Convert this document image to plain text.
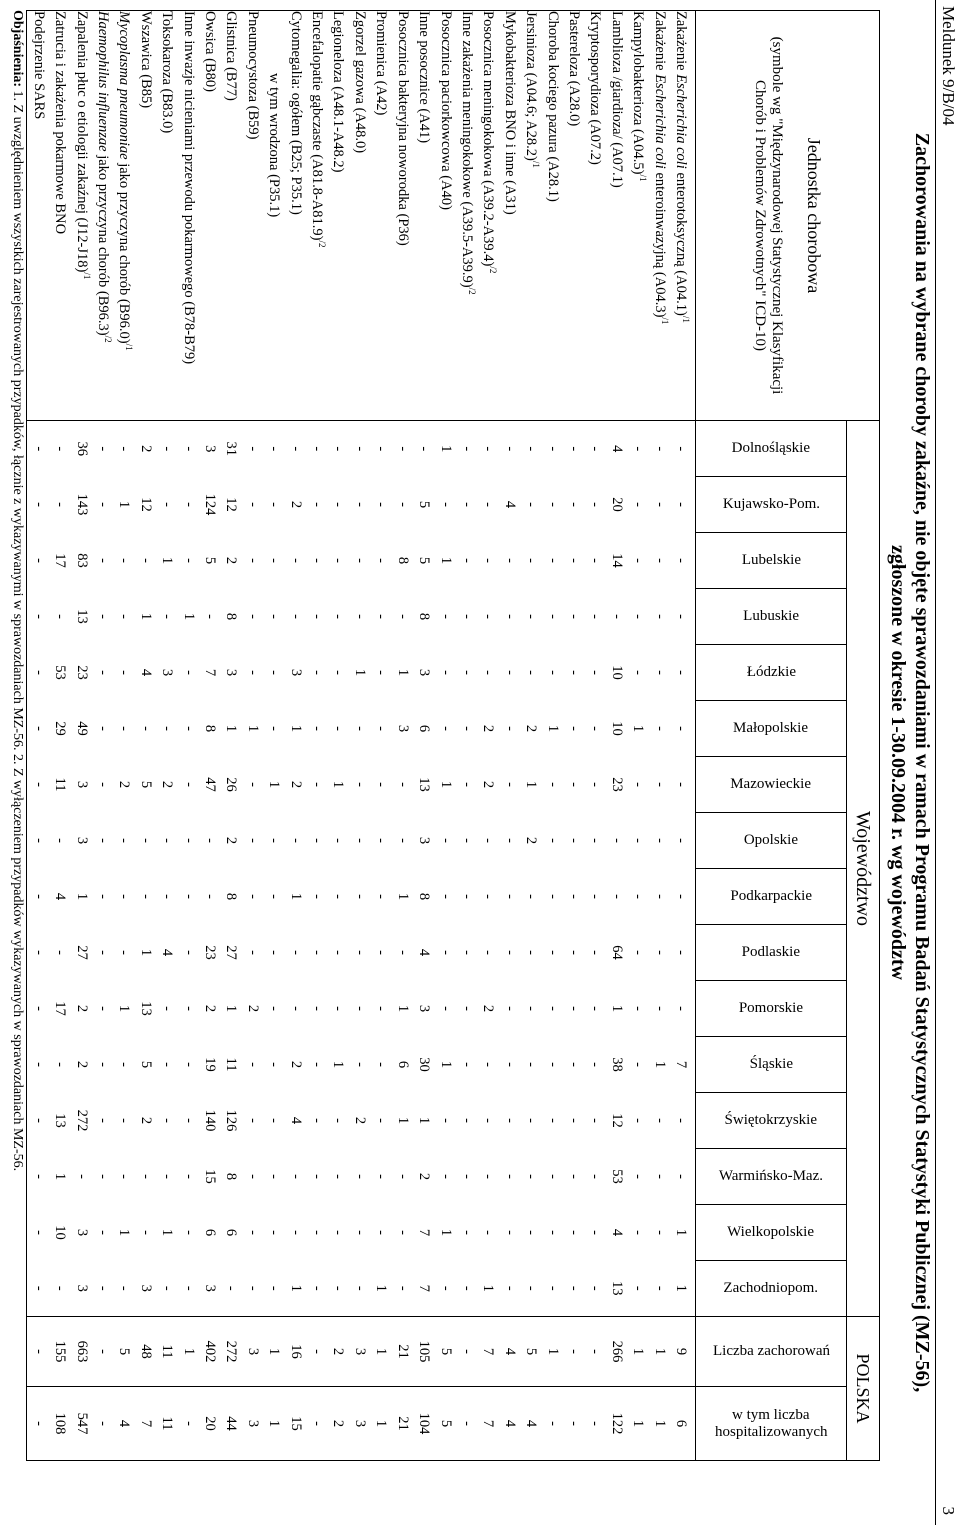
Meldunek 9/B/04
3
Zachorowania na wybrane choroby zakaźne, nie objęte sprawozdaniami w ramach Programu Badań Statystycznych Statystyki Publicznej (MZ-56),
zgłoszone w okresie 1-30.09.2004 r. wg województw
Jednostka chorobowa
(symbole wg "Międzynarodowej Statystycznej Klasyfikacji Chorób i Problemów Zdrowotnych" ICD-10)	Województwo																POLSKA	

	Dolnośląskie	Kujawsko-Pom.	Lubelskie	Lubuskie	Łódzkie	Małopolskie	Mazowieckie	Opolskie	Podkarpackie	Podlaskie	Pomorskie	Śląskie	Świętokrzyskie	Warmińsko-Maz.	Wielkopolskie	Zachodniopom.	Liczba zachorowań	w tym liczba hospitalizowanych

Zakażenie Escherichia coli enterotoksyczną $(A04.1)^{/1}$	-	-	-	-	-	-	-	-	-	-	-	7	-	-	1	1	9	6
Zakażenie Escherichia coli enteroinwazyjną $(A04.3)^{/1}$	-	-	-	-	-	-	-	-	-	-	-	1	-	-	-	-	1	1
Kampylobakterioza $(A04.5)^{/1}$	-	-	-	-	-	1	-	-	-	-	-	-	-	-	-	-	1	1
Lamblioza /giardioza/ (A07.1)	4	20	14	-	10	10	23	-	-	64	1	38	12	53	4	13	266	122
Kryptosporydioza (A07.2)	-	-	-	-	-	-	-	-	-	-	-	-	-	-	-	-	-	-
Pastereloza (A28.0)	-	-	-	-	-	-	-	-	-	-	-	-	-	-	-	-	-	-
Choroba kociego pazura (A28.1)	-	-	-	-	-	1	-	-	-	-	-	-	-	-	-	-	1	-
Jersinioza (A04.6; A28.2)$^{/1}$	-	-	-	-	-	2	1	2	-	-	-	-	-	-	-	-	5	4
Mykobakterioza BNO i inne (A31)	-	4	-	-	-	-	-	-	-	-	-	-	-	-	-	-	4	4
Posocznica meningokokowa $(A39.2-A39.4)^{/2}$	-	-	-	-	-	2	2	-	-	-	2	-	-	-	-	1	7	7
Inne zakażenia meningokokowe $(A39.5-A39.9)^{/2}$	-	-	-	-	-	-	-	-	-	-	-	-	-	-	-	-	-	-
Posocznica paciorkowcowa (A40)	1	-	1	-	-	-	1	-	-	-	-	1	-	-	1	-	5	5
Inne posocznice (A41)	-	5	5	8	3	6	13	3	8	4	3	30	1	2	7	7	105	104
Posocznica bakteryjna noworodka (P36)	-	-	8	-	1	3	-	-	1	-	1	6	1	-	-	-	21	21
Promienica (A42)	-	-	-	-	-	-	-	-	-	-	-	-	-	-	-	1	1	1
Zgorzel gazowa (A48.0)	-	-	-	-	1	-	-	-	-	-	-	-	2	-	-	-	3	3
Legioneloza (A48.1-A48.2)	-	-	-	-	-	-	1	-	-	-	-	1	-	-	-	-	2	2
Encefalopatie gąbczaste $(A81.8-A81.9)^{/2}$	-	-	-	-	-	-	-	-	-	-	-	-	-	-	-	-	-	-
Cytomegalia: ogółem (B25; P35.1)	-	2	-	-	3	1	2	-	1	-	-	2	4	-	-	1	16	15
w tym wrodzona (P35.1)	-	-	-	-	-	-	1	-	-	-	-	-	-	-	-	-	1	1
Pneumocystoza (B59)	-	-	-	-	-	1	-	-	-	-	2	-	-	-	-	-	3	3
Glistnica (B77)	31	12	2	8	3	1	26	2	8	27	1	11	126	8	6	-	272	44
Owsica (B80)	3	124	5	-	7	8	47	-	-	23	2	19	140	15	6	3	402	20
Inne inwazje nicieniami przewodu pokarmowego (B78-B79)	-	-	-	1	-	-	-	-	-	-	-	-	-	-	-	-	1	-
Toksokaroza (B83.0)	-	-	1	-	3	-	2	-	-	4	-	-	-	-	1	-	11	11
Wszawica (B85)	2	12	-	1	4	-	5	-	-	1	13	5	2	-	-	3	48	7
Mycoplasma pneumoniae jako przyczyna chorób $(B96.0)^{/1}$	-	1	-	-	-	-	2	-	-	-	1	-	-	-	1	-	5	4
Haemophilus influenzae jako przyczyna chorób $(B96.3)^{/2}$	-	-	-	-	-	-	-	-	-	-	-	-	-	-	-	-	-	-
Zapalenia płuc o etiologii zakaźnej $(J12-J18)^{/1}$	36	143	83	13	23	49	3	3	1	27	2	2	272	-	3	3	663	547
Zatrucia i zakażenia pokarmowe BNO	-	-	17	-	53	29	11	-	4	-	17	-	13	1	10	-	155	108
Podejrzenie SARS	-	-	-	-	-	-	-	-	-	-	-	-	-	-	-	-	-	-
Objaśnienia: 1. Z uwzględnieniem wszystkich zarejestrowanych przypadków, łącznie z wykazywanymi w sprawozdaniach MZ-56. 2. Z wyłączeniem przypadków wykazywanych w sprawozdaniach MZ-56.
